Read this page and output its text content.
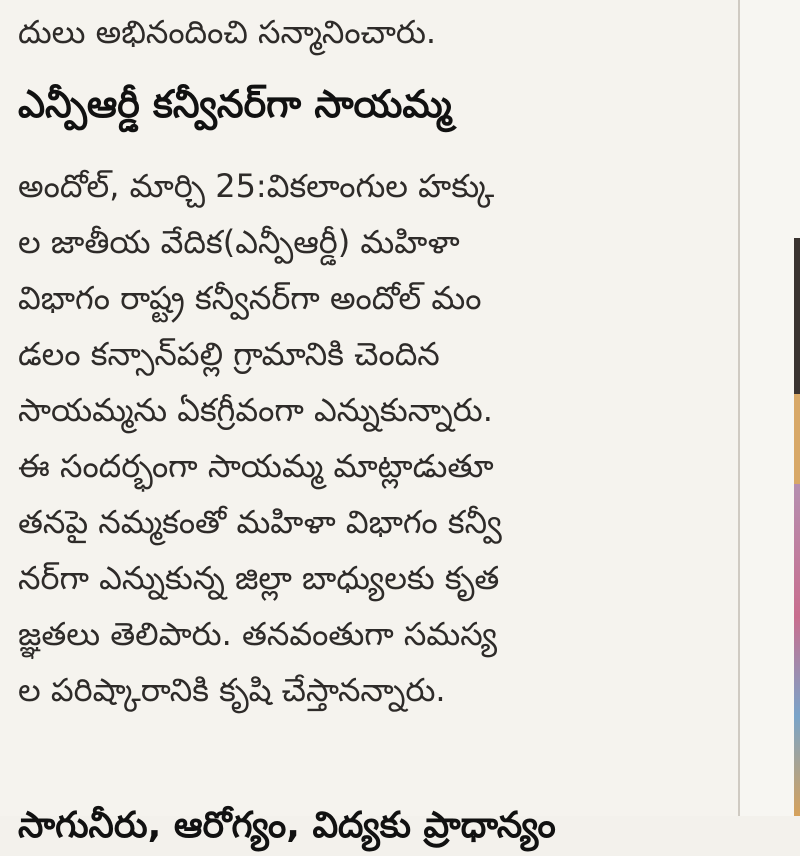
దులు అభినందించి సన్మానించారు.
ఎన్పీఆర్డీ కన్వీనర్‌గా సాయమ్మ
అందోల్, మార్చి 25:వికలాంగుల హక్కు
ల జాతీయ వేదిక(ఎన్పీఆర్డీ) మహిళా
విభాగం రాష్ట్ర కన్వీనర్‌గా అందోల్ మం
డలం కన్సాన్‌పల్లి గ్రామానికి చెందిన
సాయమ్మను ఏకగ్రీవంగా ఎన్నుకున్నారు.
ఈ సందర్భంగా సాయమ్మ మాట్లాడుతూ
తనపై నమ్మకంతో మహిళా విభాగం కన్వీ
నర్‌గా ఎన్నుకున్న జిల్లా బాధ్యులకు కృత
జ్ఞతలు తెలిపారు. తనవంతుగా సమస్య
ల పరిష్కారానికి కృషి చేస్తానన్నారు.
సాగునీరు, ఆరోగ్యం, విద్యకు ప్రాధాన్యం
